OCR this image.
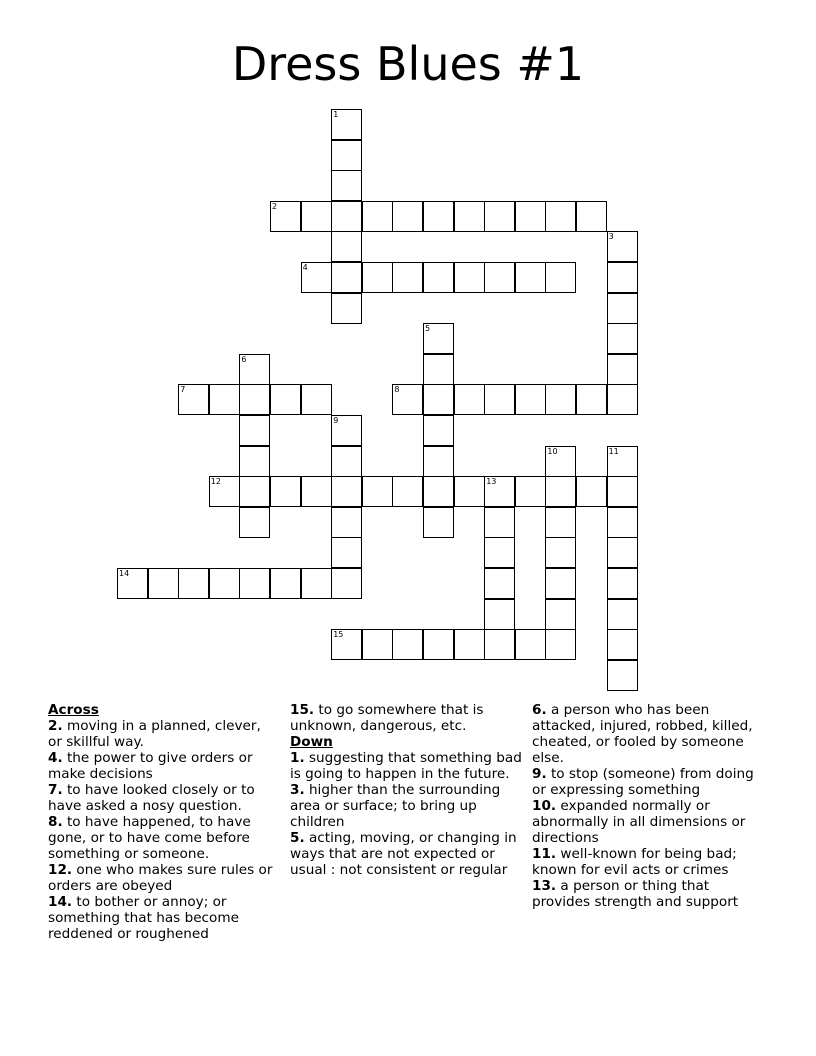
Dress Blues #1
1
2
3
4
5
6
7	8
9
10	11
12	13
14
15
Across
2. moving in a planned, clever, or skillful way.
4. the power to give orders or make decisions
7. to have looked closely or to have asked a nosy question.
8. to have happened, to have gone, or to have come before something or someone.
12. one who makes sure rules or orders are obeyed
14. to bother or annoy; or something that has become reddened or roughened
15. to go somewhere that is unknown, dangerous, etc.
Down
1. suggesting that something bad is going to happen in the future.
3. higher than the surrounding area or surface; to bring up children
5. acting, moving, or changing in ways that are not expected or usual : not consistent or regular
6. a person who has been attacked, injured, robbed, killed, cheated, or fooled by someone else.
9. to stop (someone) from doing or expressing something
10. expanded normally or abnormally in all dimensions or directions
11. well-known for being bad; known for evil acts or crimes
13. a person or thing that provides strength and support
